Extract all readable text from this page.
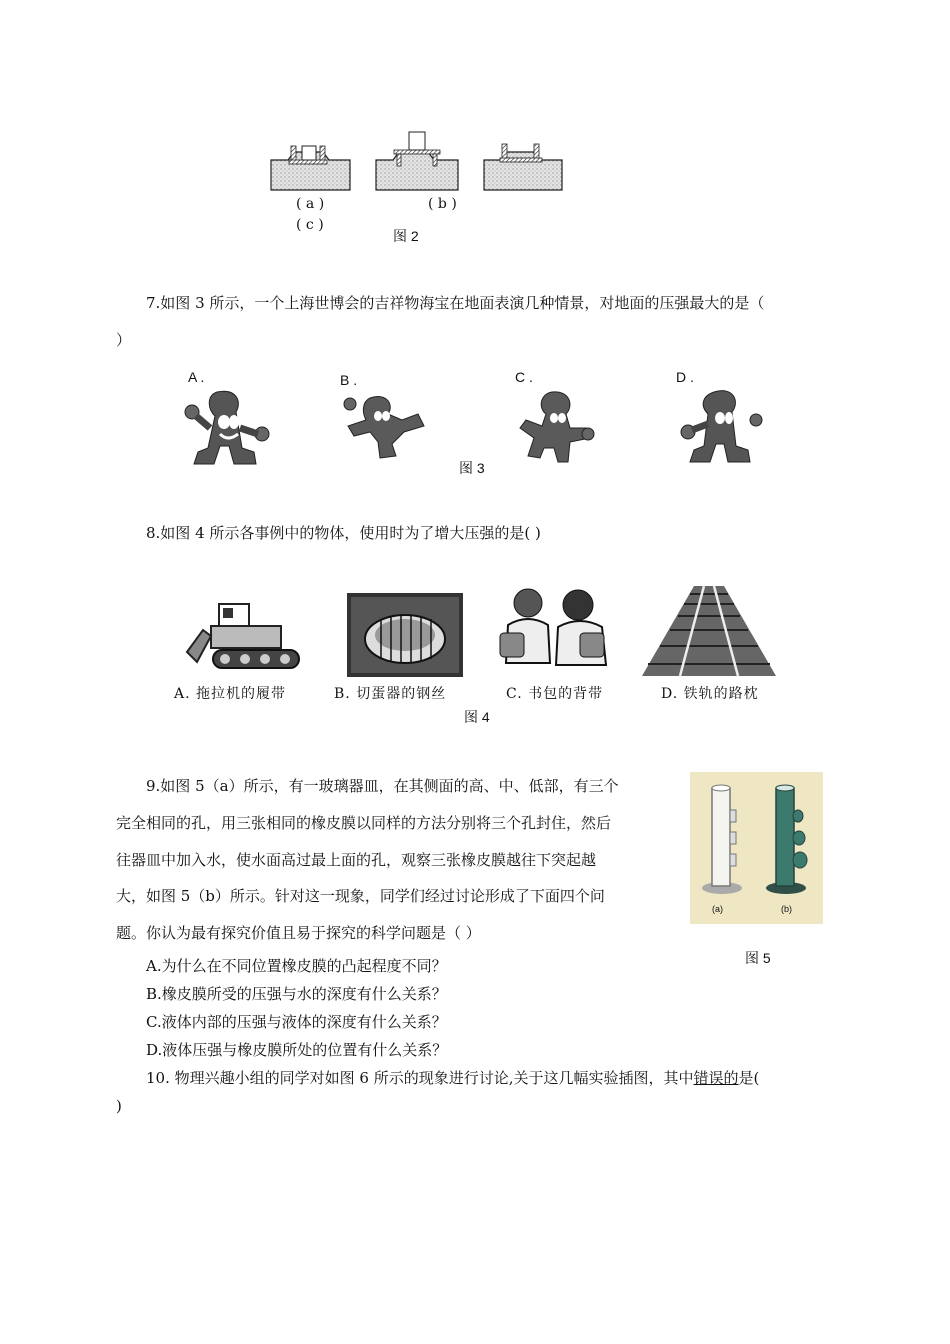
( a )	( b )
( c )
图 2
7.如图 3 所示，一个上海世博会的吉祥物海宝在地面表演几种情景，对地面的压强最大的是（
）
A .	B .	C .	D .
图 3
8.如图 4 所示各事例中的物体，使用时为了增大压强的是( )
A. 拖拉机的履带	B. 切蛋器的钢丝	C. 书包的背带	D. 铁轨的路枕
图 4
9.如图 5（a）所示，有一玻璃器皿，在其侧面的高、中、低部，有三个
完全相同的孔，用三张相同的橡皮膜以同样的方法分别将三个孔封住，然后
往器皿中加入水，使水面高过最上面的孔，观察三张橡皮膜越往下突起越
大，如图 5（b）所示。针对这一现象，同学们经过讨论形成了下面四个问
题。你认为最有探究价值且易于探究的科学问题是（ ）
(a)	(b)
图 5
A.为什么在不同位置橡皮膜的凸起程度不同？
B.橡皮膜所受的压强与水的深度有什么关系？
C.液体内部的压强与液体的深度有什么关系？
D.液体压强与橡皮膜所处的位置有什么关系？
10. 物理兴趣小组的同学对如图 6 所示的现象进行讨论,关于这几幅实验插图，其中错误的是(
)
